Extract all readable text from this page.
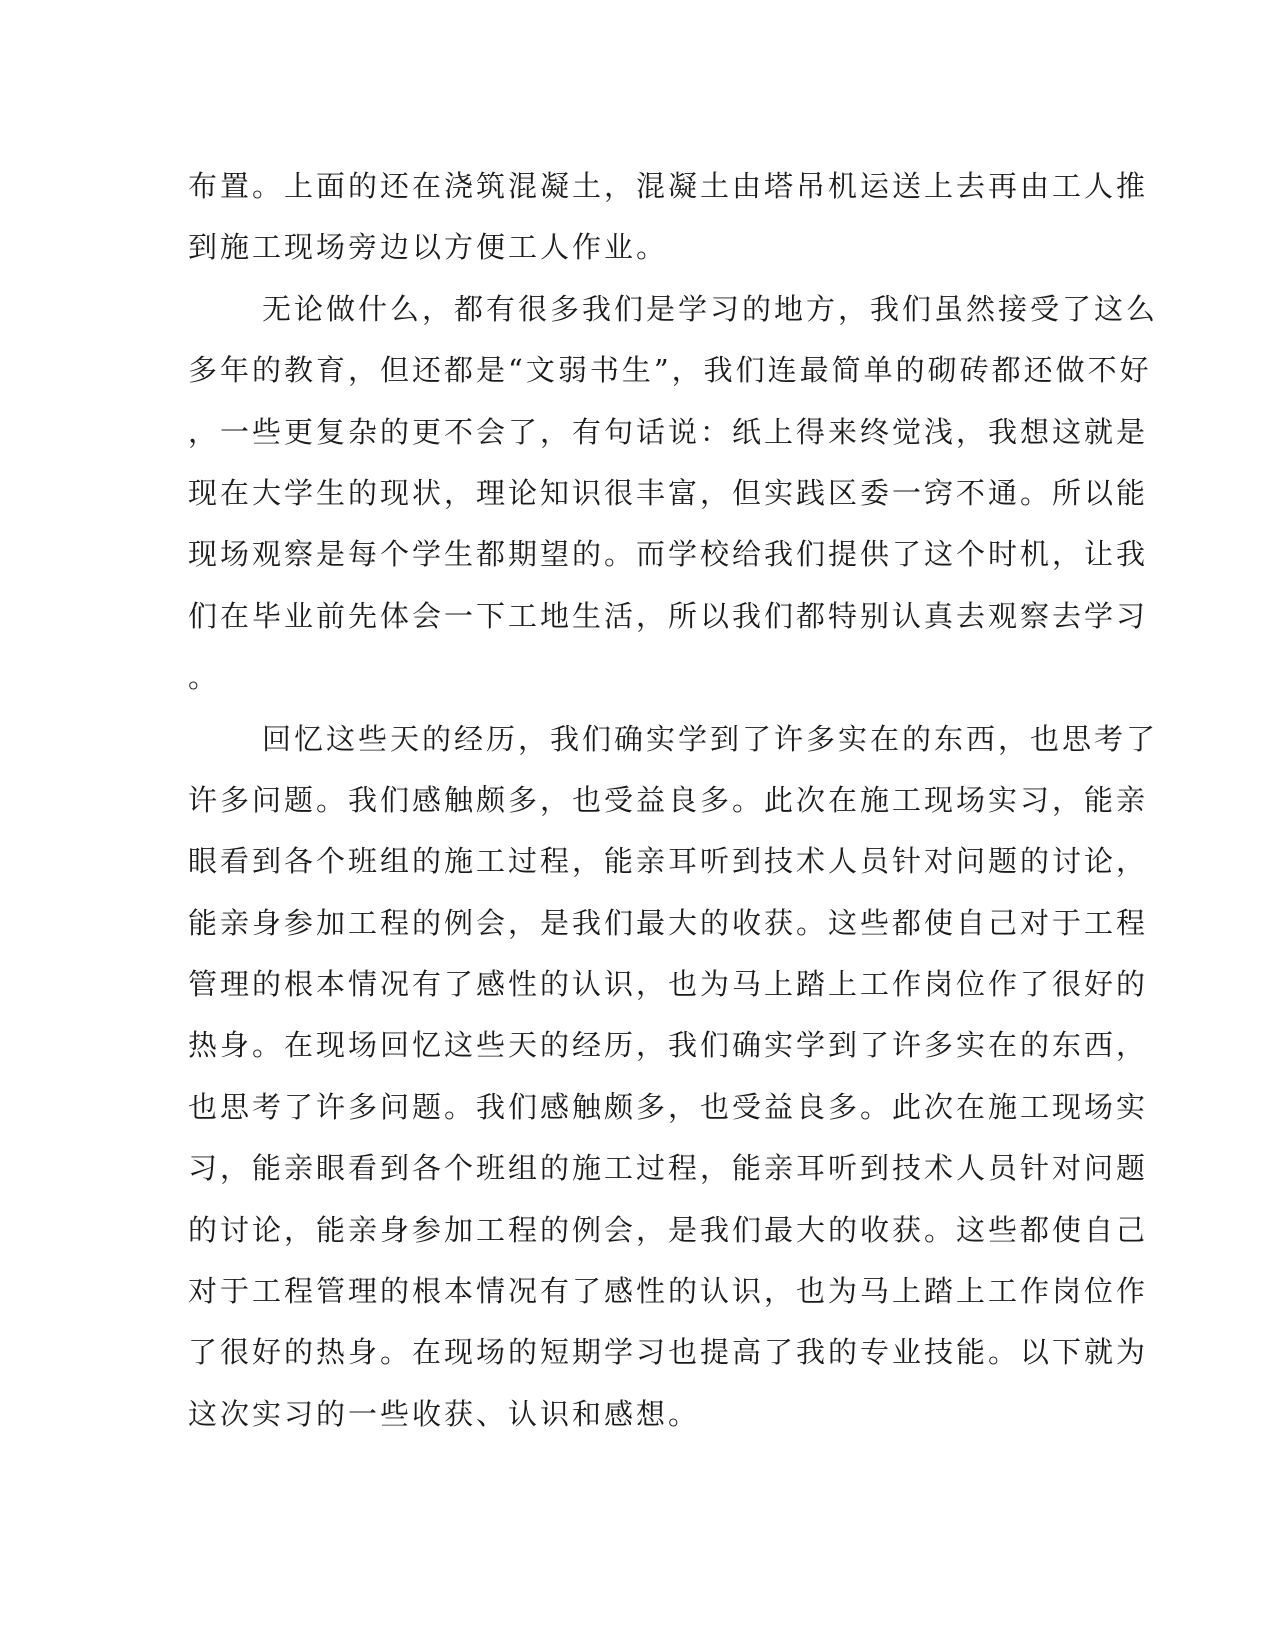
布置。上面的还在浇筑混凝土，混凝土由塔吊机运送上去再由工人推
到施工现场旁边以方便工人作业。
无论做什么，都有很多我们是学习的地方，我们虽然接受了这么
多年的教育，但还都是“文弱书生”，我们连最简单的砌砖都还做不好
，一些更复杂的更不会了，有句话说：纸上得来终觉浅，我想这就是
现在大学生的现状，理论知识很丰富，但实践区委一窍不通。所以能
现场观察是每个学生都期望的。而学校给我们提供了这个时机，让我
们在毕业前先体会一下工地生活，所以我们都特别认真去观察去学习
。
回忆这些天的经历，我们确实学到了许多实在的东西，也思考了
许多问题。我们感触颇多，也受益良多。此次在施工现场实习，能亲
眼看到各个班组的施工过程，能亲耳听到技术人员针对问题的讨论，
能亲身参加工程的例会，是我们最大的收获。这些都使自己对于工程
管理的根本情况有了感性的认识，也为马上踏上工作岗位作了很好的
热身。在现场回忆这些天的经历，我们确实学到了许多实在的东西，
也思考了许多问题。我们感触颇多，也受益良多。此次在施工现场实
习，能亲眼看到各个班组的施工过程，能亲耳听到技术人员针对问题
的讨论，能亲身参加工程的例会，是我们最大的收获。这些都使自己
对于工程管理的根本情况有了感性的认识，也为马上踏上工作岗位作
了很好的热身。在现场的短期学习也提高了我的专业技能。以下就为
这次实习的一些收获、认识和感想。
